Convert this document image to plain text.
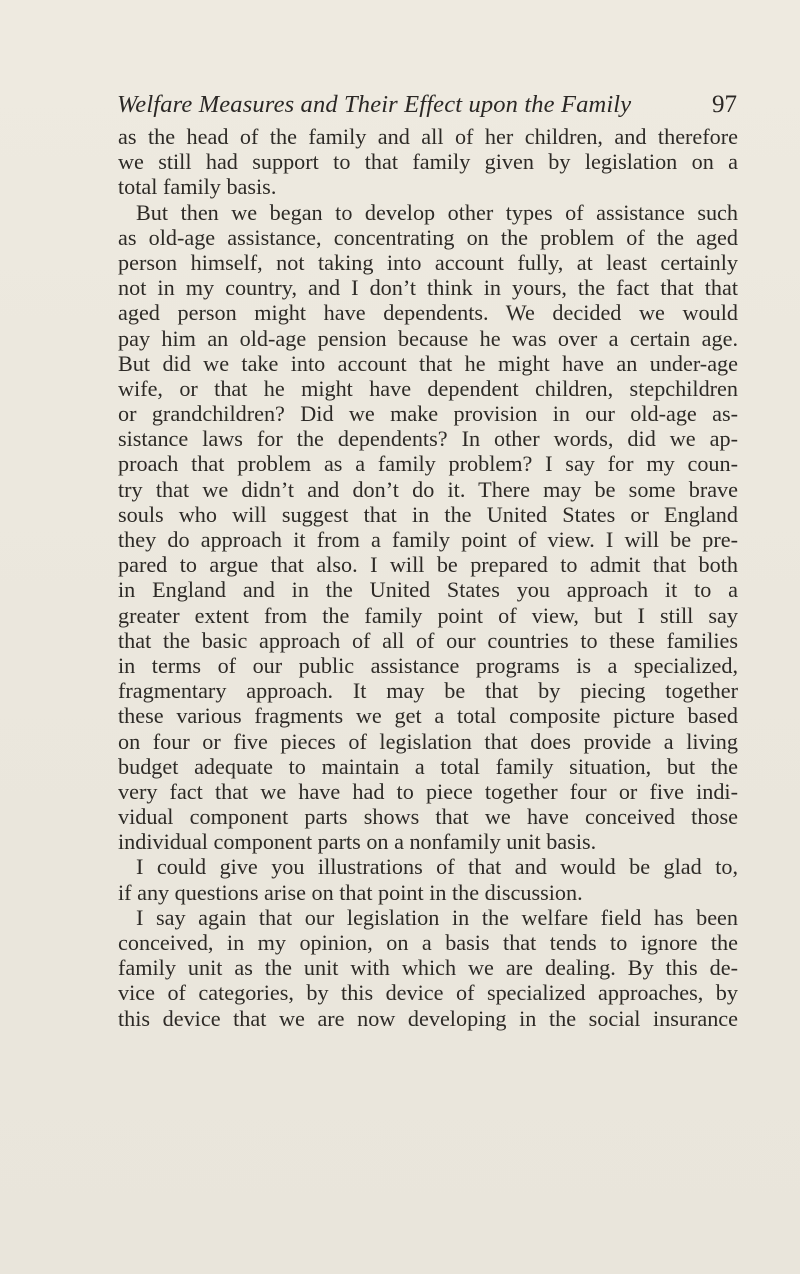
Welfare Measures and Their Effect upon the Family	97
as the head of the family and all of her children, and therefore
we still had support to that family given by legislation on a
total family basis.
But then we began to develop other types of assistance such
as old-age assistance, concentrating on the problem of the aged
person himself, not taking into account fully, at least certainly
not in my country, and I don’t think in yours, the fact that that
aged person might have dependents. We decided we would
pay him an old-age pension because he was over a certain age.
But did we take into account that he might have an under-age
wife, or that he might have dependent children, stepchildren
or grandchildren? Did we make provision in our old-age as-
sistance laws for the dependents? In other words, did we ap-
proach that problem as a family problem? I say for my coun-
try that we didn’t and don’t do it. There may be some brave
souls who will suggest that in the United States or England
they do approach it from a family point of view. I will be pre-
pared to argue that also. I will be prepared to admit that both
in England and in the United States you approach it to a
greater extent from the family point of view, but I still say
that the basic approach of all of our countries to these families
in terms of our public assistance programs is a specialized,
fragmentary approach. It may be that by piecing together
these various fragments we get a total composite picture based
on four or five pieces of legislation that does provide a living
budget adequate to maintain a total family situation, but the
very fact that we have had to piece together four or five indi-
vidual component parts shows that we have conceived those
individual component parts on a nonfamily unit basis.
I could give you illustrations of that and would be glad to,
if any questions arise on that point in the discussion.
I say again that our legislation in the welfare field has been
conceived, in my opinion, on a basis that tends to ignore the
family unit as the unit with which we are dealing. By this de-
vice of categories, by this device of specialized approaches, by
this device that we are now developing in the social insurance
